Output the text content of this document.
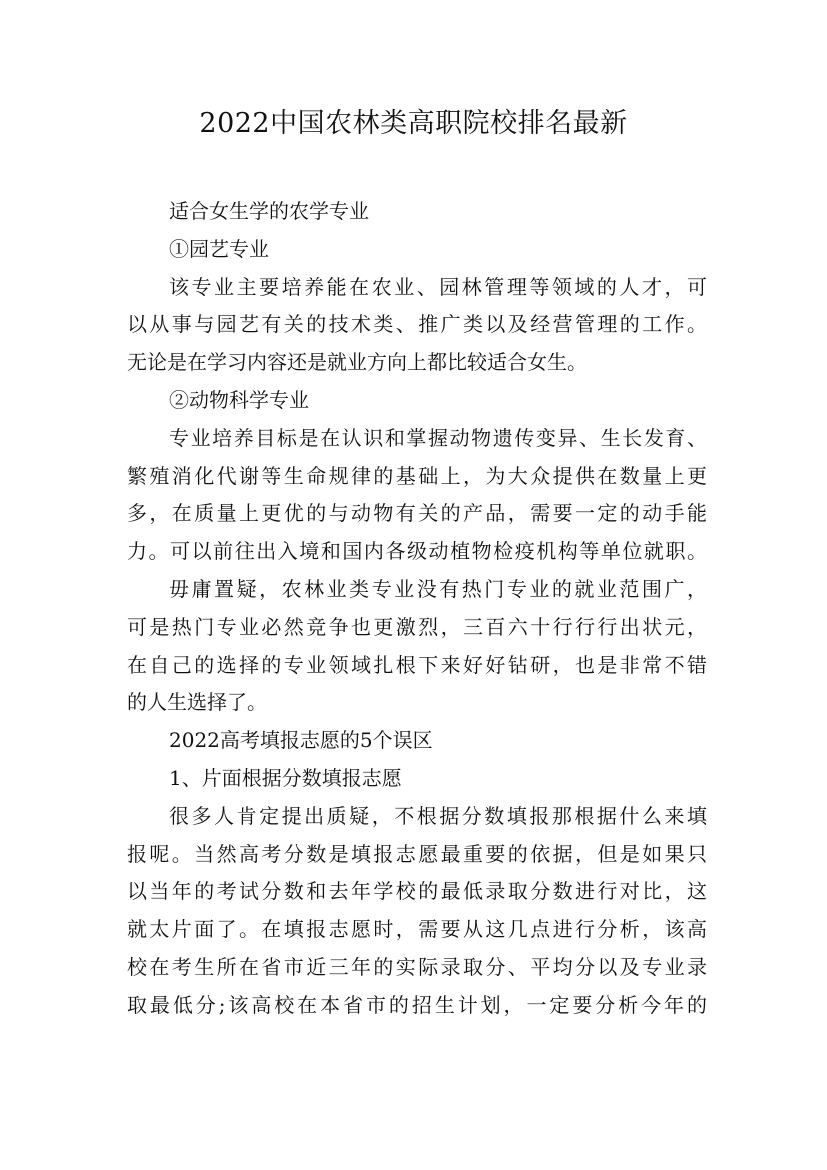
2022中国农林类高职院校排名最新
适合女生学的农学专业
①园艺专业
该专业主要培养能在农业、园林管理等领域的人才，可
以从事与园艺有关的技术类、推广类以及经营管理的工作。
无论是在学习内容还是就业方向上都比较适合女生。
②动物科学专业
专业培养目标是在认识和掌握动物遗传变异、生长发育、
繁殖消化代谢等生命规律的基础上，为大众提供在数量上更
多，在质量上更优的与动物有关的产品，需要一定的动手能
力。可以前往出入境和国内各级动植物检疫机构等单位就职。
毋庸置疑，农林业类专业没有热门专业的就业范围广，
可是热门专业必然竞争也更激烈，三百六十行行行出状元，
在自己的选择的专业领域扎根下来好好钻研，也是非常不错
的人生选择了。
2022高考填报志愿的5个误区
1、片面根据分数填报志愿
很多人肯定提出质疑，不根据分数填报那根据什么来填
报呢。当然高考分数是填报志愿最重要的依据，但是如果只
以当年的考试分数和去年学校的最低录取分数进行对比，这
就太片面了。在填报志愿时，需要从这几点进行分析，该高
校在考生所在省市近三年的实际录取分、平均分以及专业录
取最低分;该高校在本省市的招生计划，一定要分析今年的
